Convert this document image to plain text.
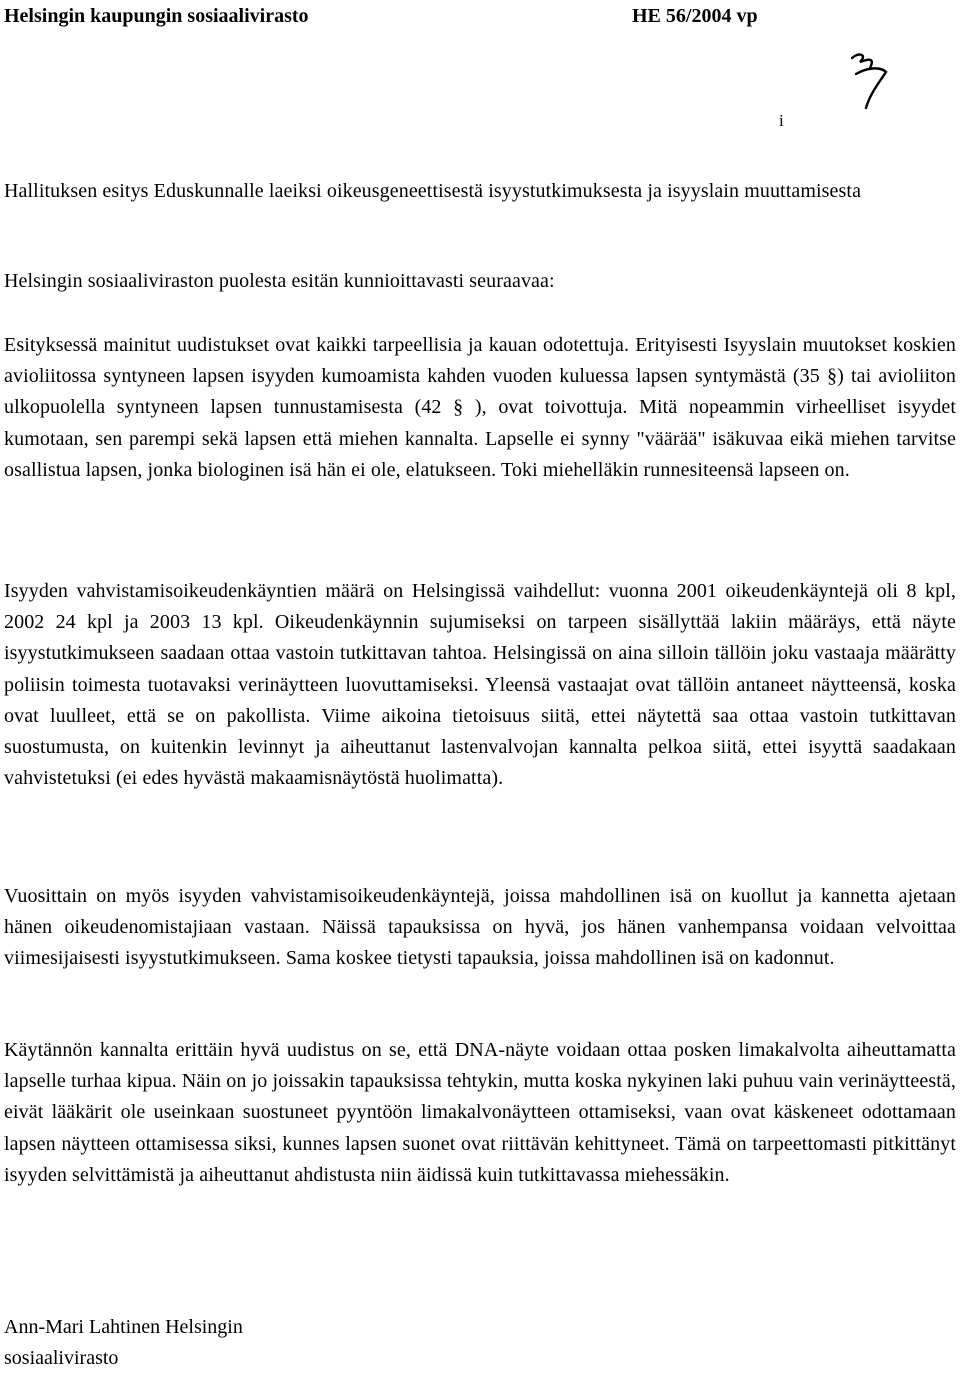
Helsingin kaupungin sosiaalivirasto	HE 56/2004 vp
i

Hallituksen esitys Eduskunnalle laeiksi oikeusgeneettisestä isyystutkimuksesta ja isyyslain muuttamisesta

Helsingin sosiaaliviraston puolesta esitän kunnioittavasti seuraavaa:

Esityksessä mainitut uudistukset ovat kaikki tarpeellisia ja kauan odotettuja. Erityisesti Isyyslain muutokset koskien avioliitossa syntyneen lapsen isyyden kumoamista kahden vuoden kuluessa lapsen syntymästä (35 §) tai avioliiton ulkopuolella syntyneen lapsen tunnustamisesta (42 § ), ovat toivottuja. Mitä nopeammin virheelliset isyydet kumotaan, sen parempi sekä lapsen että miehen kannalta. Lapselle ei synny "väärää" isäkuvaa eikä miehen tarvitse osallistua lapsen, jonka biologinen isä hän ei ole, elatukseen. Toki miehelläkin runnesiteensä lapseen on.

Isyyden vahvistamisoikeudenkäyntien määrä on Helsingissä vaihdellut: vuonna 2001 oikeudenkäyntejä oli 8 kpl, 2002 24 kpl ja 2003 13 kpl. Oikeudenkäynnin sujumiseksi on tarpeen sisällyttää lakiin määräys, että näyte isyystutkimukseen saadaan ottaa vastoin tutkittavan tahtoa. Helsingissä on aina silloin tällöin joku vastaaja määrätty poliisin toimesta tuotavaksi verinäytteen luovuttamiseksi. Yleensä vastaajat ovat tällöin antaneet näytteensä, koska ovat luulleet, että se on pakollista. Viime aikoina tietoisuus siitä, ettei näytettä saa ottaa vastoin tutkittavan suostumusta, on kuitenkin levinnyt ja aiheuttanut lastenvalvojan kannalta pelkoa siitä, ettei isyyttä saadakaan vahvistetuksi (ei edes hyvästä makaamisnäytöstä huolimatta).

Vuosittain on myös isyyden vahvistamisoikeudenkäyntejä, joissa mahdollinen isä on kuollut ja kannetta ajetaan hänen oikeudenomistajiaan vastaan. Näissä tapauksissa on hyvä, jos hänen vanhempansa voidaan velvoittaa viimesijaisesti isyystutkimukseen. Sama koskee tietysti tapauksia, joissa mahdollinen isä on kadonnut.

Käytännön kannalta erittäin hyvä uudistus on se, että DNA-näyte voidaan ottaa posken limakalvolta aiheuttamatta lapselle turhaa kipua. Näin on jo joissakin tapauksissa tehtykin, mutta koska nykyinen laki puhuu vain verinäytteestä, eivät lääkärit ole useinkaan suostuneet pyyntöön limakalvonäytteen ottamiseksi, vaan ovat käskeneet odottamaan lapsen näytteen ottamisessa siksi, kunnes lapsen suonet ovat riittävän kehittyneet. Tämä on tarpeettomasti pitkittänyt isyyden selvittämistä ja aiheuttanut ahdistusta niin äidissä kuin tutkittavassa miehessäkin.

Ann-Mari Lahtinen Helsingin
sosiaalivirasto
